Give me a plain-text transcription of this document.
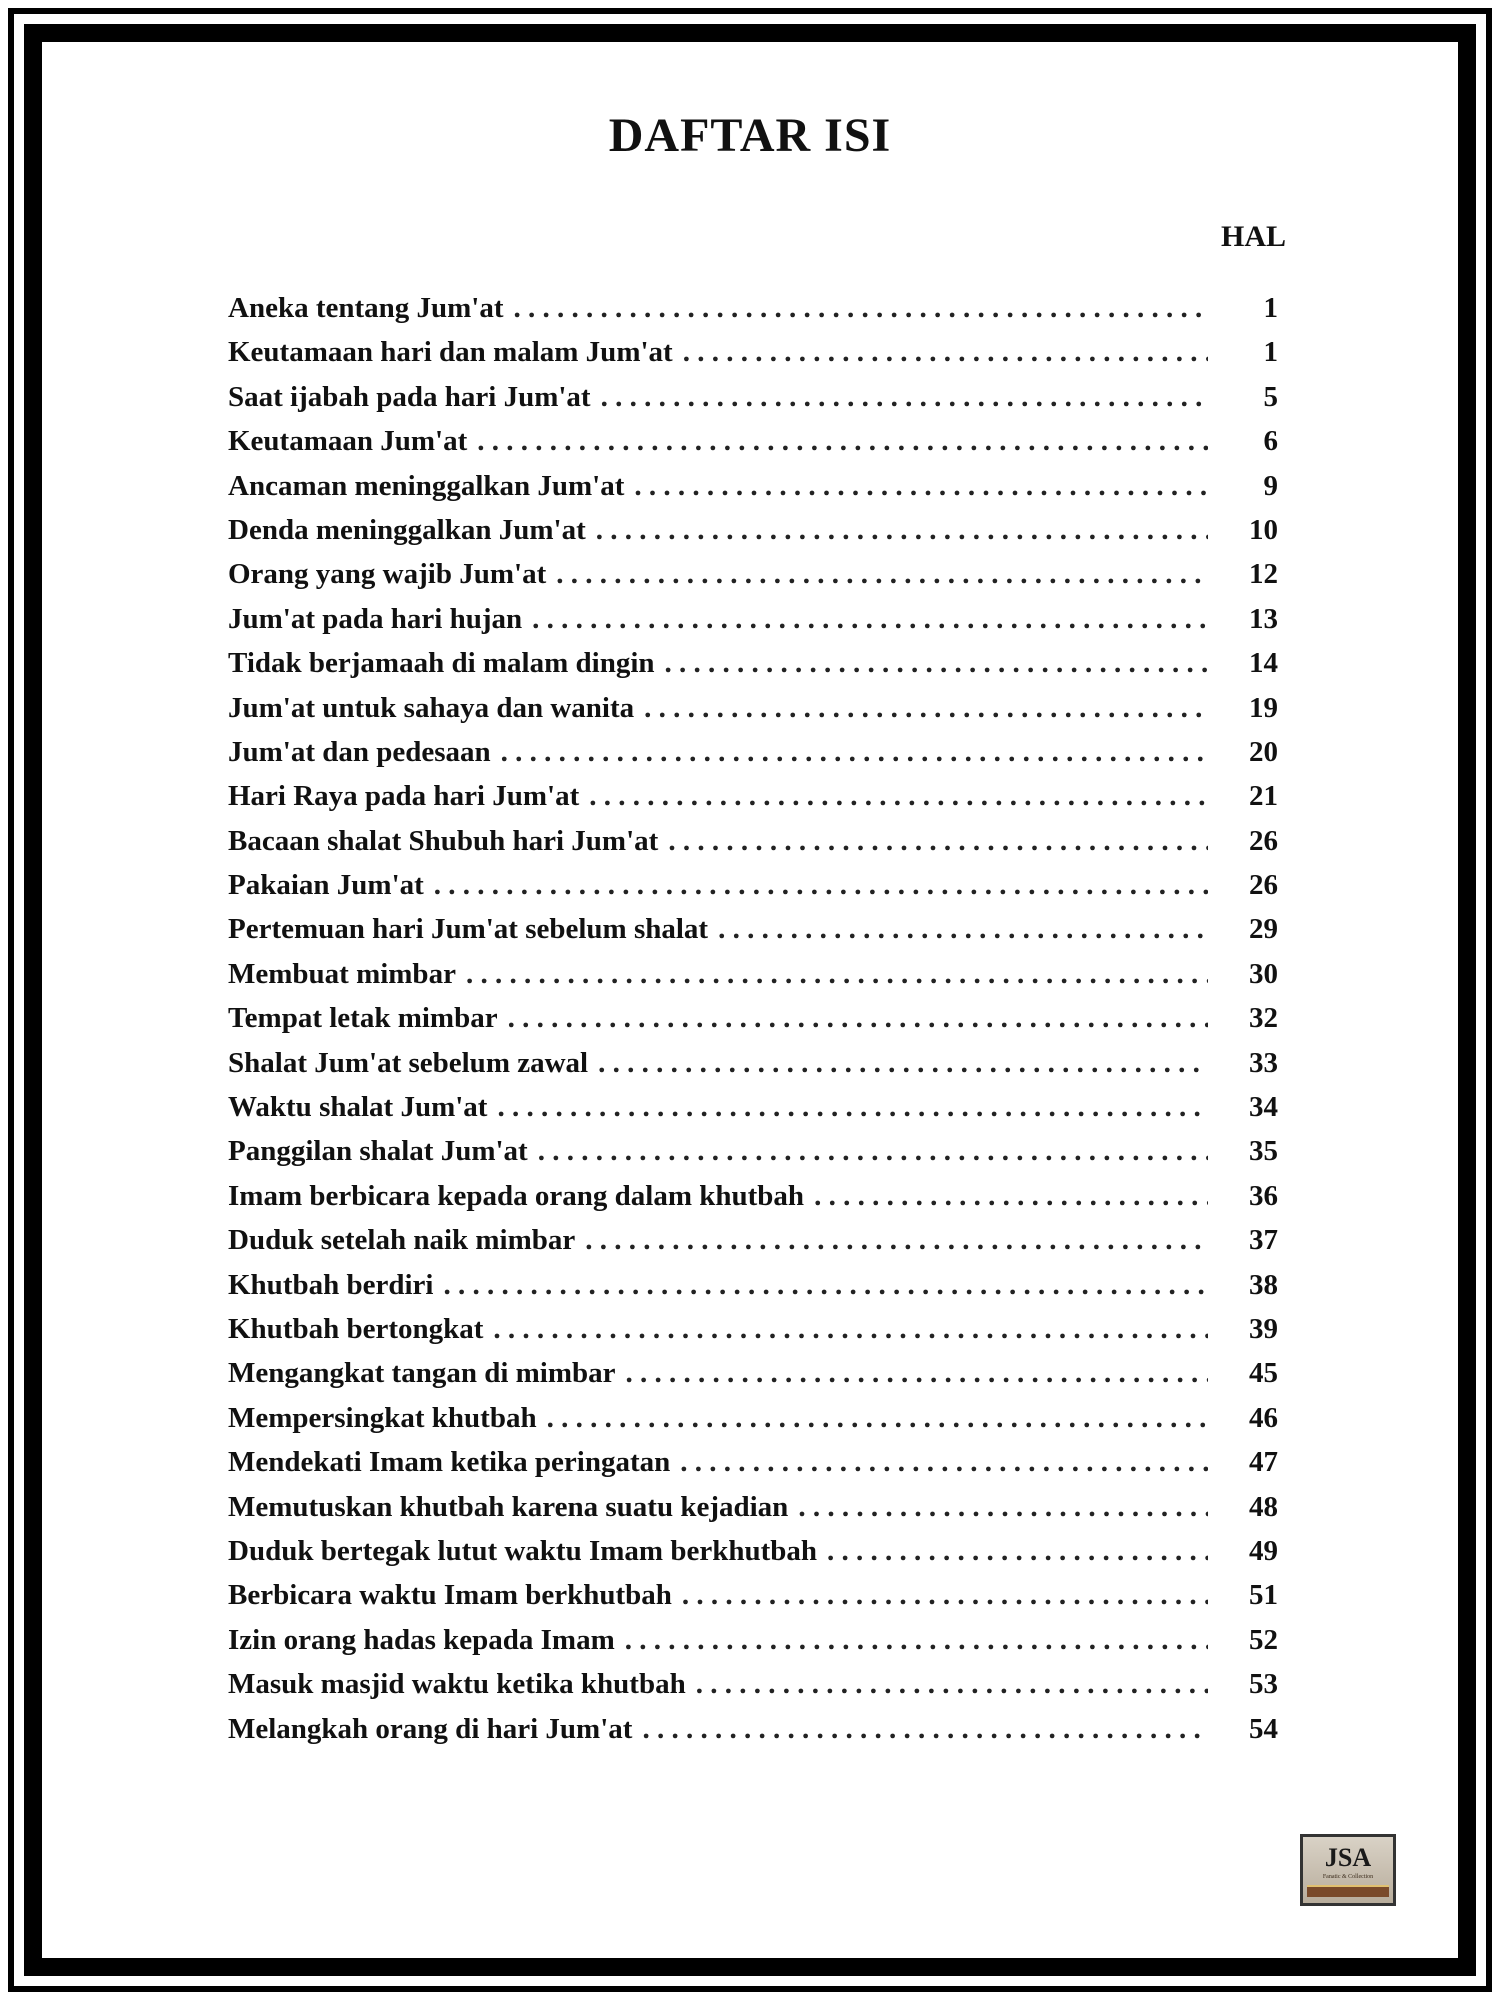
DAFTAR ISI
HAL
Aneka tentang Jum'at . . .	1
Keutamaan hari dan malam Jum'at . . .	1
Saat ijabah pada hari Jum'at . . .	5
Keutamaan Jum'at . . .	6
Ancaman meninggalkan Jum'at . . .	9
Denda meninggalkan Jum'at . . .	10
Orang yang wajib Jum'at . . .	12
Jum'at pada hari hujan . . .	13
Tidak berjamaah di malam dingin . . .	14
Jum'at untuk sahaya dan wanita . . .	19
Jum'at dan pedesaan . . .	20
Hari Raya pada hari Jum'at . . .	21
Bacaan shalat Shubuh hari Jum'at . . .	26
Pakaian Jum'at . . .	26
Pertemuan hari Jum'at sebelum shalat . . .	29
Membuat mimbar . . .	30
Tempat letak mimbar . . .	32
Shalat Jum'at sebelum zawal . . .	33
Waktu shalat Jum'at . . .	34
Panggilan shalat Jum'at . . .	35
Imam berbicara kepada orang dalam khutbah . . .	36
Duduk setelah naik mimbar . . .	37
Khutbah berdiri . . .	38
Khutbah bertongkat . . .	39
Mengangkat tangan di mimbar . . .	45
Mempersingkat khutbah . . .	46
Mendekati Imam ketika peringatan . . .	47
Memutuskan khutbah karena suatu kejadian . . .	48
Duduk bertegak lutut waktu Imam berkhutbah . . .	49
Berbicara waktu Imam berkhutbah . . .	51
Izin orang hadas kepada Imam . . .	52
Masuk masjid waktu ketika khutbah . . .	53
Melangkah orang di hari Jum'at . . .	54
JSA
Fanatic & Collection
